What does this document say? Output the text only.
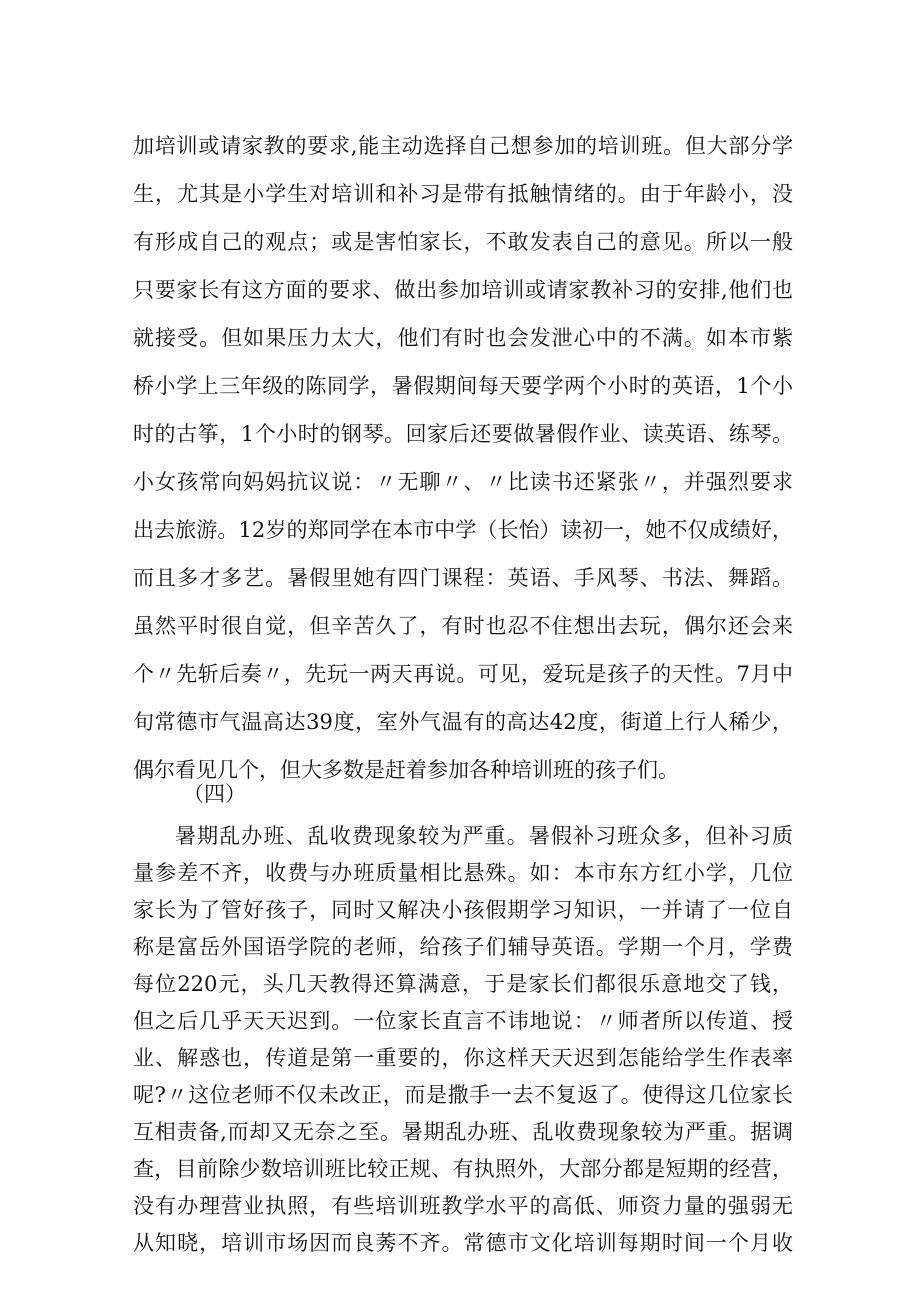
加培训或请家教的要求,能主动选择自己想参加的培训班。但大部分学
生，尤其是小学生对培训和补习是带有抵触情绪的。由于年龄小，没
有形成自己的观点；或是害怕家长，不敢发表自己的意见。所以一般
只要家长有这方面的要求、做出参加培训或请家教补习的安排,他们也
就接受。但如果压力太大，他们有时也会发泄心中的不满。如本市紫
桥小学上三年级的陈同学，暑假期间每天要学两个小时的英语，1个小
时的古筝，1个小时的钢琴。回家后还要做暑假作业、读英语、练琴。
小女孩常向妈妈抗议说：〃无聊〃、〃比读书还紧张〃，并强烈要求
出去旅游。12岁的郑同学在本市中学（长怡）读初一，她不仅成绩好，
而且多才多艺。暑假里她有四门课程：英语、手风琴、书法、舞蹈。
虽然平时很自觉，但辛苦久了，有时也忍不住想出去玩，偶尔还会来
个〃先斩后奏〃，先玩一两天再说。可见，爱玩是孩子的天性。7月中
旬常德市气温高达39度，室外气温有的高达42度，街道上行人稀少，
偶尔看见几个，但大多数是赶着参加各种培训班的孩子们。
（四）
暑期乱办班、乱收费现象较为严重。暑假补习班众多，但补习质
量参差不齐，收费与办班质量相比悬殊。如：本市东方红小学，几位
家长为了管好孩子，同时又解决小孩假期学习知识，一并请了一位自
称是富岳外国语学院的老师，给孩子们辅导英语。学期一个月，学费
每位220元，头几天教得还算满意，于是家长们都很乐意地交了钱，
但之后几乎天天迟到。一位家长直言不讳地说：〃师者所以传道、授
业、解惑也，传道是第一重要的，你这样天天迟到怎能给学生作表率
呢?〃这位老师不仅未改正，而是撒手一去不复返了。使得这几位家长
互相责备,而却又无奈之至。暑期乱办班、乱收费现象较为严重。据调
查，目前除少数培训班比较正规、有执照外，大部分都是短期的经营，
没有办理营业执照，有些培训班教学水平的高低、师资力量的强弱无
从知晓，培训市场因而良莠不齐。常德市文化培训每期时间一个月收
